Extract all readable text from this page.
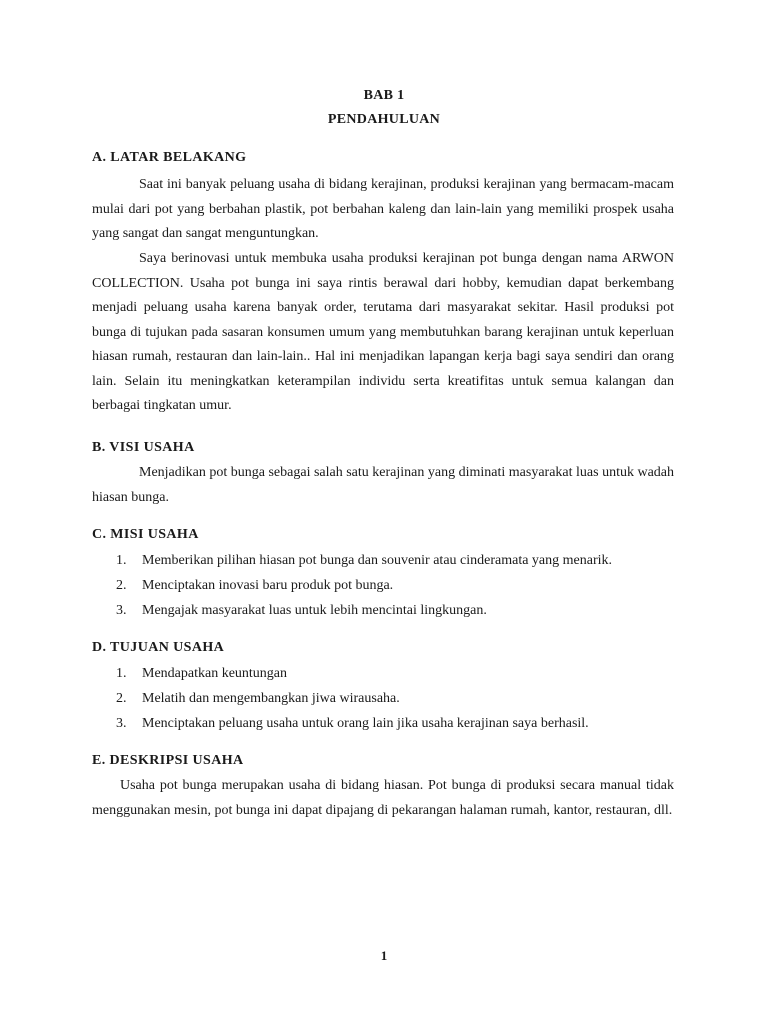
BAB 1
PENDAHULUAN
A. LATAR BELAKANG

Saat ini banyak peluang usaha di bidang kerajinan, produksi kerajinan yang bermacam-macam mulai dari pot yang berbahan plastik, pot berbahan kaleng dan lain-lain yang memiliki prospek usaha yang sangat dan sangat menguntungkan.

Saya berinovasi untuk membuka usaha produksi kerajinan pot bunga dengan nama ARWON COLLECTION. Usaha pot bunga ini saya rintis berawal dari hobby, kemudian dapat berkembang menjadi peluang usaha karena banyak order, terutama dari masyarakat sekitar. Hasil produksi pot bunga di tujukan pada sasaran konsumen umum yang membutuhkan barang kerajinan untuk keperluan hiasan rumah, restauran dan lain-lain.. Hal ini menjadikan lapangan kerja bagi saya sendiri dan orang lain. Selain itu meningkatkan keterampilan individu serta kreatifitas untuk semua kalangan dan berbagai tingkatan umur.

B. VISI USAHA

Menjadikan pot bunga sebagai salah satu kerajinan yang diminati masyarakat luas untuk wadah hiasan bunga.

C. MISI USAHA
1.	Memberikan pilihan hiasan pot bunga dan souvenir atau cinderamata yang menarik.
2.	Menciptakan inovasi baru produk pot bunga.
3.	Mengajak masyarakat luas untuk lebih mencintai lingkungan.
D. TUJUAN USAHA
1.	Mendapatkan keuntungan
2.	Melatih dan mengembangkan jiwa wirausaha.
3.	Menciptakan peluang usaha untuk orang lain jika usaha kerajinan saya berhasil.
E. DESKRIPSI USAHA

Usaha pot bunga merupakan usaha di bidang hiasan. Pot bunga di produksi secara manual tidak menggunakan mesin, pot bunga ini dapat dipajang di pekarangan halaman rumah, kantor, restauran, dll.

1
